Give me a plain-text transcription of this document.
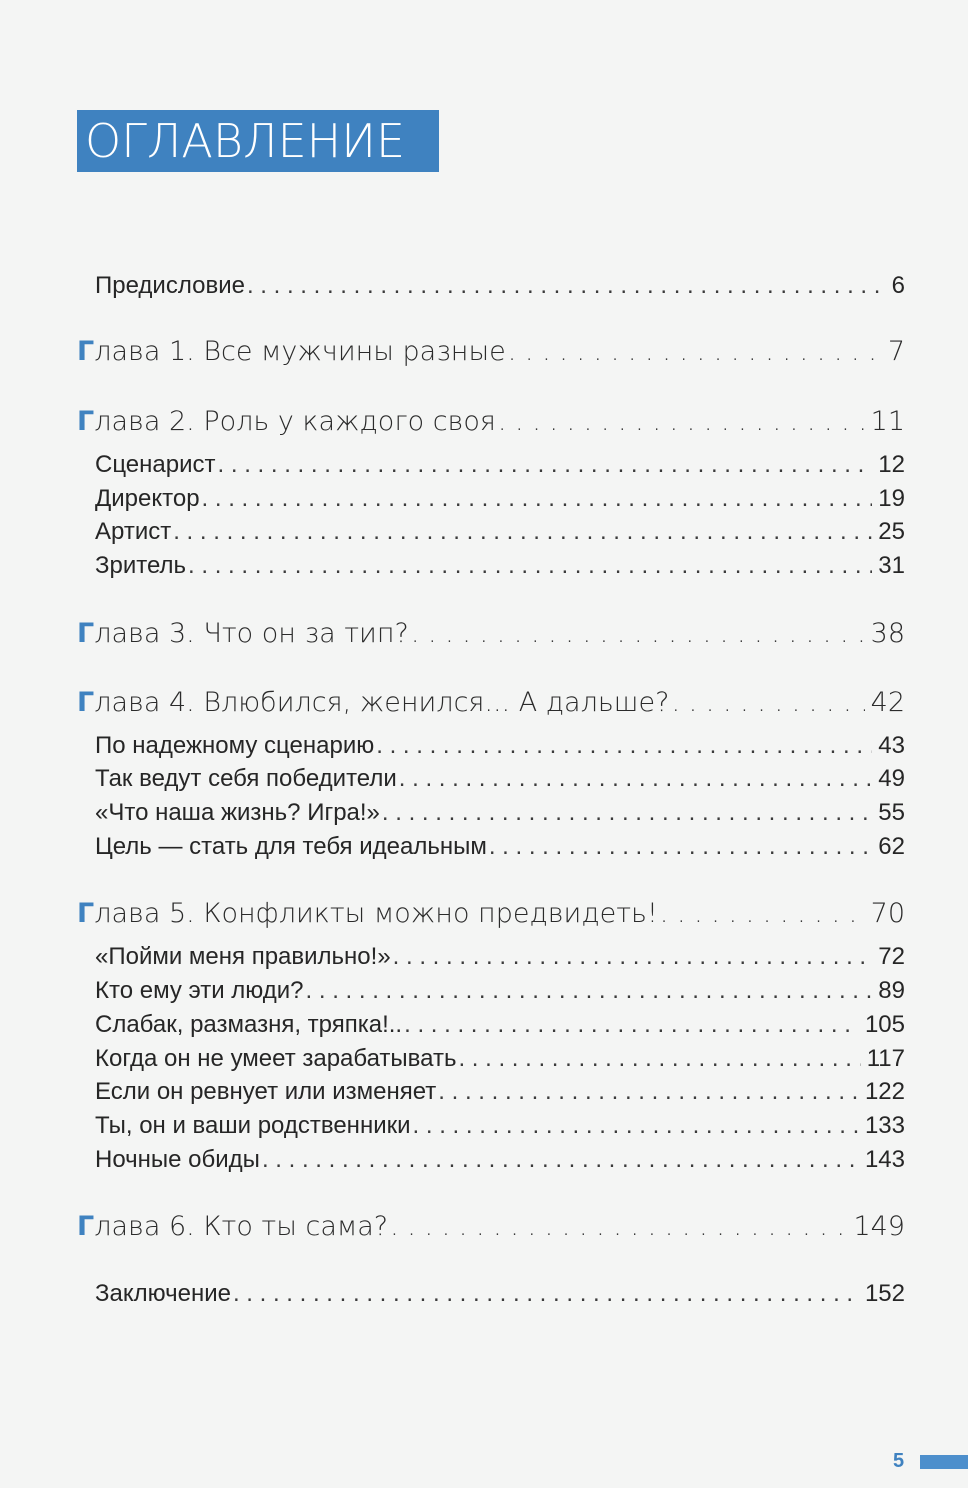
ОГЛАВЛЕНИЕ
Предисловие . . .	6
Глава 1. Все мужчины разные . . .	7
Глава 2. Роль у каждого своя . . .	11
Сценарист . . .	12
Директор . . .	19
Артист . . .	25
Зритель . . .	31
Глава 3. Что он за тип? . . .	38
Глава 4. Влюбился, женился... А дальше? . . .	42
По надежному сценарию . . .	43
Так ведут себя победители . . .	49
«Что наша жизнь? Игра!» . . .	55
Цель — стать для тебя идеальным . . .	62
Глава 5. Конфликты можно предвидеть! . . .	70
«Пойми меня правильно!» . . .	72
Кто ему эти люди? . . .	89
Слабак, размазня, тряпка!.. . . .	105
Когда он не умеет зарабатывать . . .	117
Если он ревнует или изменяет . . .	122
Ты, он и ваши родственники . . .	133
Ночные обиды . . .	143
Глава 6. Кто ты сама? . . .	149
Заключение . . .	152
5
